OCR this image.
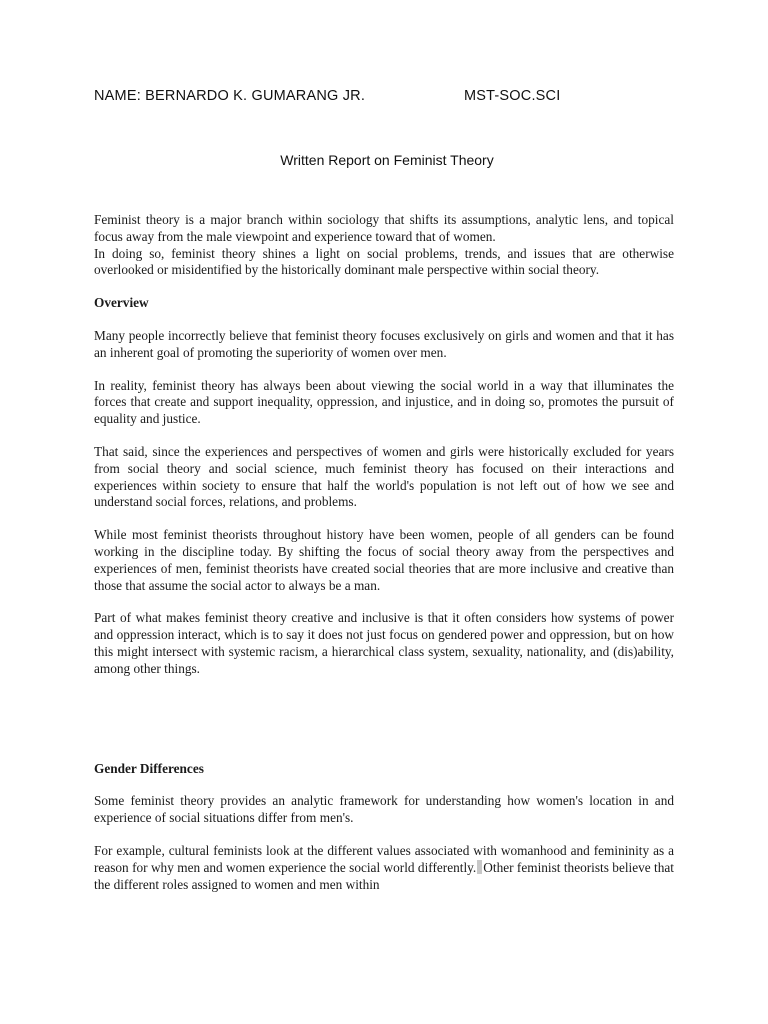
NAME: BERNARDO K. GUMARANG JR.	MST-SOC.SCI
Written Report on Feminist Theory

Feminist theory is a major branch within sociology that shifts its assumptions, analytic lens, and topical focus away from the male viewpoint and experience toward that of women.

In doing so, feminist theory shines a light on social problems, trends, and issues that are otherwise overlooked or misidentified by the historically dominant male perspective within social theory.

Overview

Many people incorrectly believe that feminist theory focuses exclusively on girls and women and that it has an inherent goal of promoting the superiority of women over men.

In reality, feminist theory has always been about viewing the social world in a way that illuminates the forces that create and support inequality, oppression, and injustice, and in doing so, promotes the pursuit of equality and justice.

That said, since the experiences and perspectives of women and girls were historically excluded for years from social theory and social science, much feminist theory has focused on their interactions and experiences within society to ensure that half the world's population is not left out of how we see and understand social forces, relations, and problems.

While most feminist theorists throughout history have been women, people of all genders can be found working in the discipline today. By shifting the focus of social theory away from the perspectives and experiences of men, feminist theorists have created social theories that are more inclusive and creative than those that assume the social actor to always be a man.

Part of what makes feminist theory creative and inclusive is that it often considers how systems of power and oppression interact, which is to say it does not just focus on gendered power and oppression, but on how this might intersect with systemic racism, a hierarchical class system, sexuality, nationality, and (dis)ability, among other things.

Gender Differences

Some feminist theory provides an analytic framework for understanding how women's location in and experience of social situations differ from men's.

For example, cultural feminists look at the different values associated with womanhood and femininity as a reason for why men and women experience the social world differently. Other feminist theorists believe that the different roles assigned to women and men within
